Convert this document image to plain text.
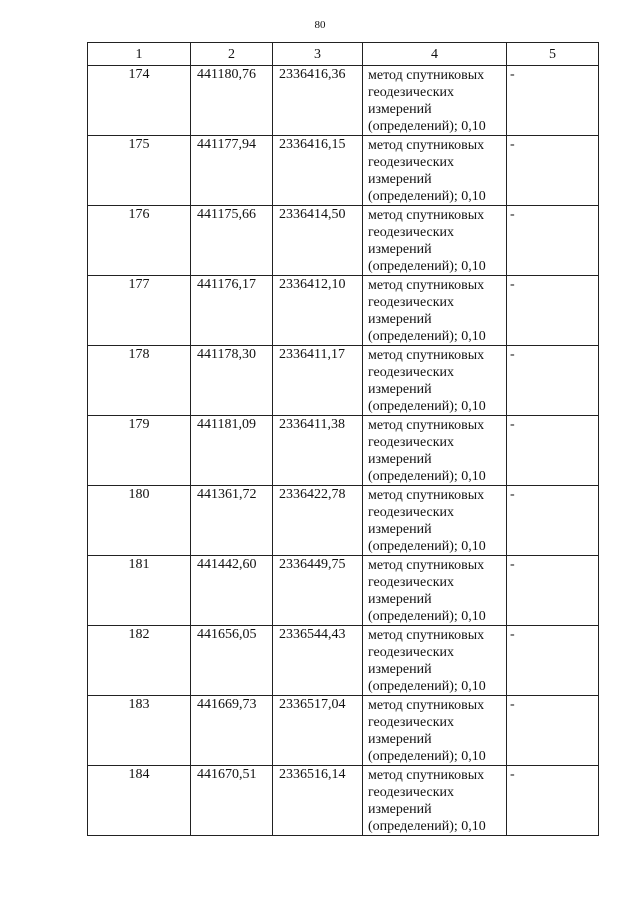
80
1	2	3	4	5
174	441180,76	2336416,36	метод спутниковых геодезических измерений (определений); 0,10	-
175	441177,94	2336416,15	метод спутниковых геодезических измерений (определений); 0,10	-
176	441175,66	2336414,50	метод спутниковых геодезических измерений (определений); 0,10	-
177	441176,17	2336412,10	метод спутниковых геодезических измерений (определений); 0,10	-
178	441178,30	2336411,17	метод спутниковых геодезических измерений (определений); 0,10	-
179	441181,09	2336411,38	метод спутниковых геодезических измерений (определений); 0,10	-
180	441361,72	2336422,78	метод спутниковых геодезических измерений (определений); 0,10	-
181	441442,60	2336449,75	метод спутниковых геодезических измерений (определений); 0,10	-
182	441656,05	2336544,43	метод спутниковых геодезических измерений (определений); 0,10	-
183	441669,73	2336517,04	метод спутниковых геодезических измерений (определений); 0,10	-
184	441670,51	2336516,14	метод спутниковых геодезических измерений (определений); 0,10	-
